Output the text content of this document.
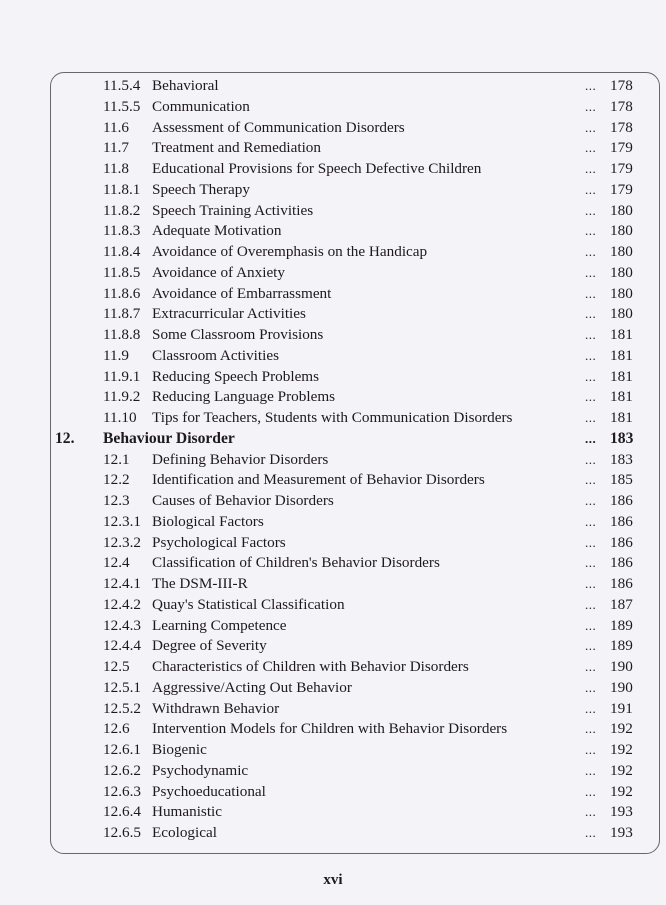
11.5.4 Behavioral	... 178
11.5.5 Communication	... 178
11.6 Assessment of Communication Disorders	... 178
11.7 Treatment and Remediation	... 179
11.8 Educational Provisions for Speech Defective Children	... 179
11.8.1 Speech Therapy	... 179
11.8.2 Speech Training Activities	... 180
11.8.3 Adequate Motivation	... 180
11.8.4 Avoidance of Overemphasis on the Handicap	... 180
11.8.5 Avoidance of Anxiety	... 180
11.8.6 Avoidance of Embarrassment	... 180
11.8.7 Extracurricular Activities	... 180
11.8.8 Some Classroom Provisions	... 181
11.9 Classroom Activities	... 181
11.9.1 Reducing Speech Problems	... 181
11.9.2 Reducing Language Problems	... 181
11.10 Tips for Teachers, Students with Communication Disorders	... 181
12. Behaviour Disorder	... 183
12.1 Defining Behavior Disorders	... 183
12.2 Identification and Measurement of Behavior Disorders	... 185
12.3 Causes of Behavior Disorders	... 186
12.3.1 Biological Factors	... 186
12.3.2 Psychological Factors	... 186
12.4 Classification of Children's Behavior Disorders	... 186
12.4.1 The DSM-III-R	... 186
12.4.2 Quay's Statistical Classification	... 187
12.4.3 Learning Competence	... 189
12.4.4 Degree of Severity	... 189
12.5 Characteristics of Children with Behavior Disorders	... 190
12.5.1 Aggressive/Acting Out Behavior	... 190
12.5.2 Withdrawn Behavior	... 191
12.6 Intervention Models for Children with Behavior Disorders	... 192
12.6.1 Biogenic	... 192
12.6.2 Psychodynamic	... 192
12.6.3 Psychoeducational	... 192
12.6.4 Humanistic	... 193
12.6.5 Ecological	... 193
xvi
